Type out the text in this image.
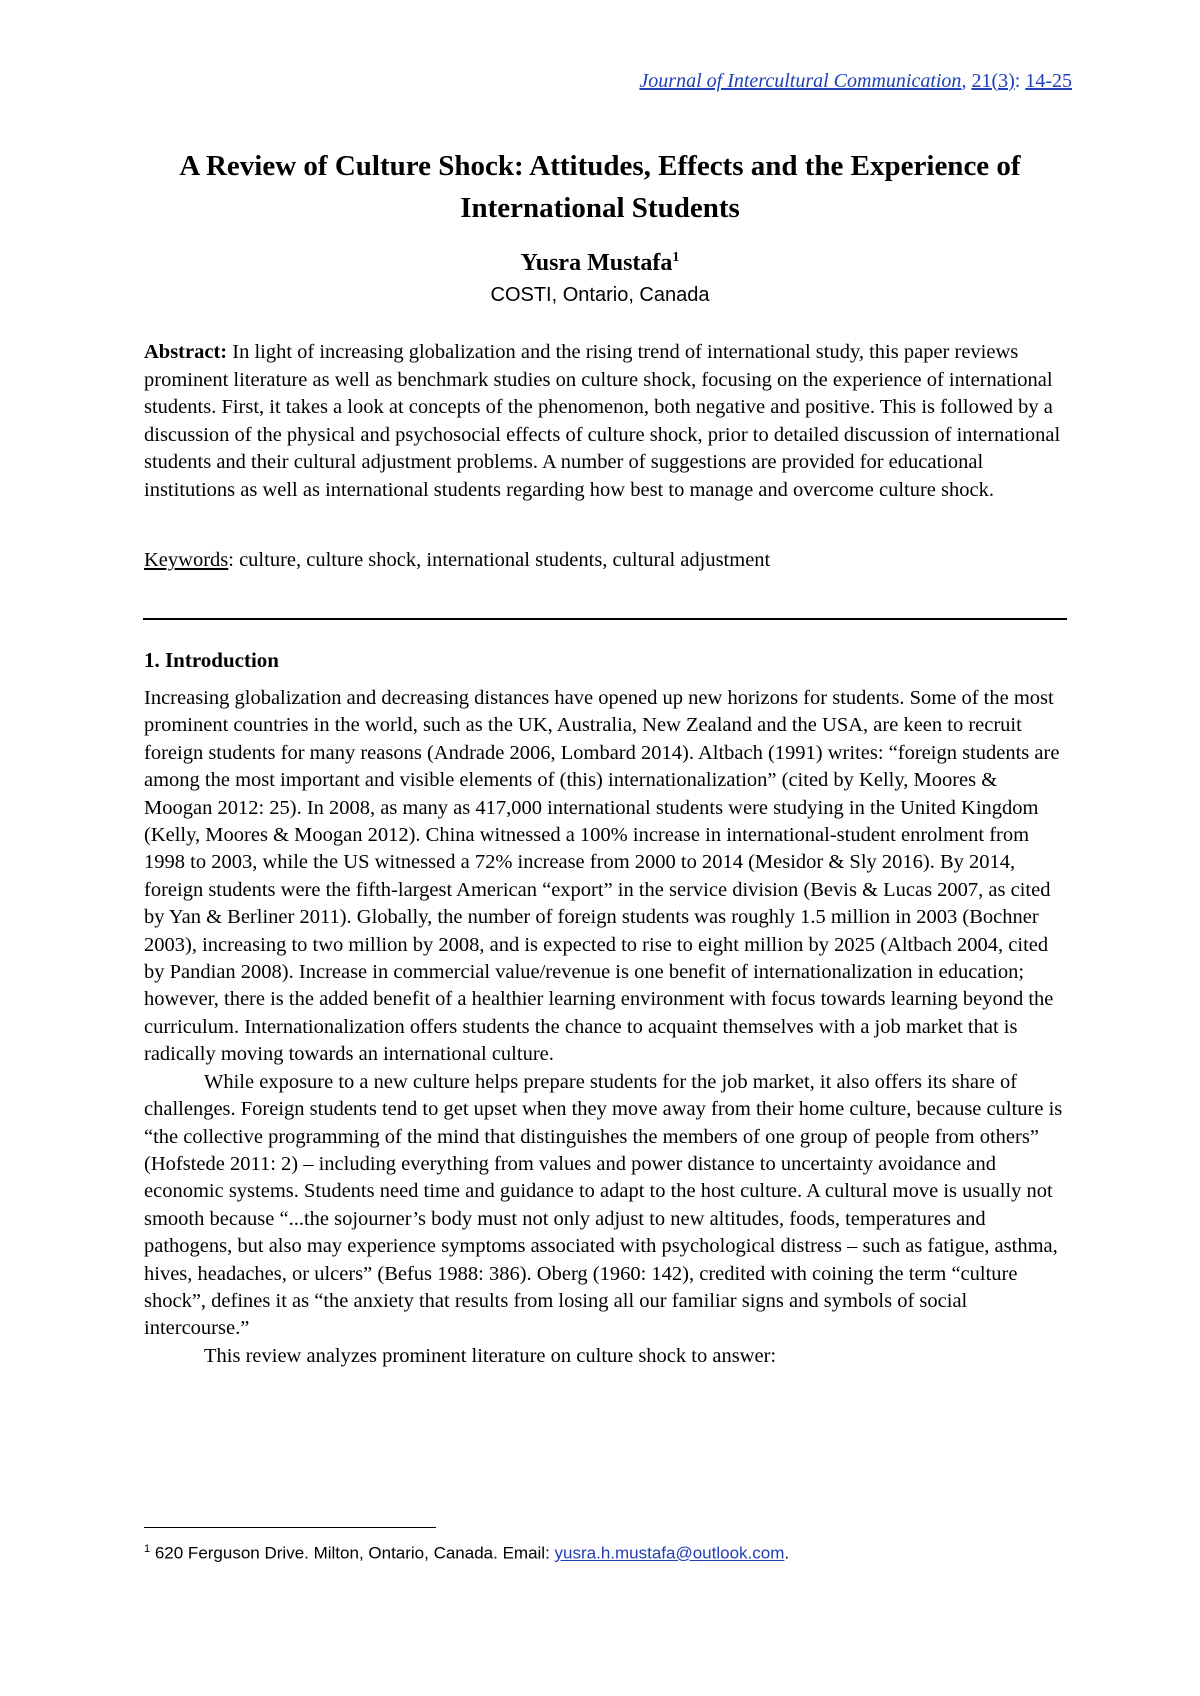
Journal of Intercultural Communication, 21(3): 14-25
A Review of Culture Shock: Attitudes, Effects and the Experience of International Students
Yusra Mustafa$^1$
COSTI, Ontario, Canada
Abstract: In light of increasing globalization and the rising trend of international study, this paper reviews prominent literature as well as benchmark studies on culture shock, focusing on the experience of international students. First, it takes a look at concepts of the phenomenon, both negative and positive. This is followed by a discussion of the physical and psychosocial effects of culture shock, prior to detailed discussion of international students and their cultural adjustment problems. A number of suggestions are provided for educational institutions as well as international students regarding how best to manage and overcome culture shock.
Keywords: culture, culture shock, international students, cultural adjustment
1. Introduction

Increasing globalization and decreasing distances have opened up new horizons for students. Some of the most prominent countries in the world, such as the UK, Australia, New Zealand and the USA, are keen to recruit foreign students for many reasons (Andrade 2006, Lombard 2014). Altbach (1991) writes: “foreign students are among the most important and visible elements of (this) internationalization” (cited by Kelly, Moores & Moogan 2012: 25). In 2008, as many as 417,000 international students were studying in the United Kingdom (Kelly, Moores & Moogan 2012). China witnessed a 100% increase in international-student enrolment from 1998 to 2003, while the US witnessed a 72% increase from 2000 to 2014 (Mesidor & Sly 2016). By 2014, foreign students were the fifth-largest American “export” in the service division (Bevis & Lucas 2007, as cited by Yan & Berliner 2011). Globally, the number of foreign students was roughly 1.5 million in 2003 (Bochner 2003), increasing to two million by 2008, and is expected to rise to eight million by 2025 (Altbach 2004, cited by Pandian 2008). Increase in commercial value/revenue is one benefit of internationalization in education; however, there is the added benefit of a healthier learning environment with focus towards learning beyond the curriculum. Internationalization offers students the chance to acquaint themselves with a job market that is radically moving towards an international culture.

While exposure to a new culture helps prepare students for the job market, it also offers its share of challenges. Foreign students tend to get upset when they move away from their home culture, because culture is “the collective programming of the mind that distinguishes the members of one group of people from others” (Hofstede 2011: 2) – including everything from values and power distance to uncertainty avoidance and economic systems. Students need time and guidance to adapt to the host culture. A cultural move is usually not smooth because “...the sojourner’s body must not only adjust to new altitudes, foods, temperatures and pathogens, but also may experience symptoms associated with psychological distress – such as fatigue, asthma, hives, headaches, or ulcers” (Befus 1988: 386). Oberg (1960: 142), credited with coining the term “culture shock”, defines it as “the anxiety that results from losing all our familiar signs and symbols of social intercourse.”

This review analyzes prominent literature on culture shock to answer:

$^1$ 620 Ferguson Drive. Milton, Ontario, Canada. Email: yusra.h.mustafa@outlook.com.
